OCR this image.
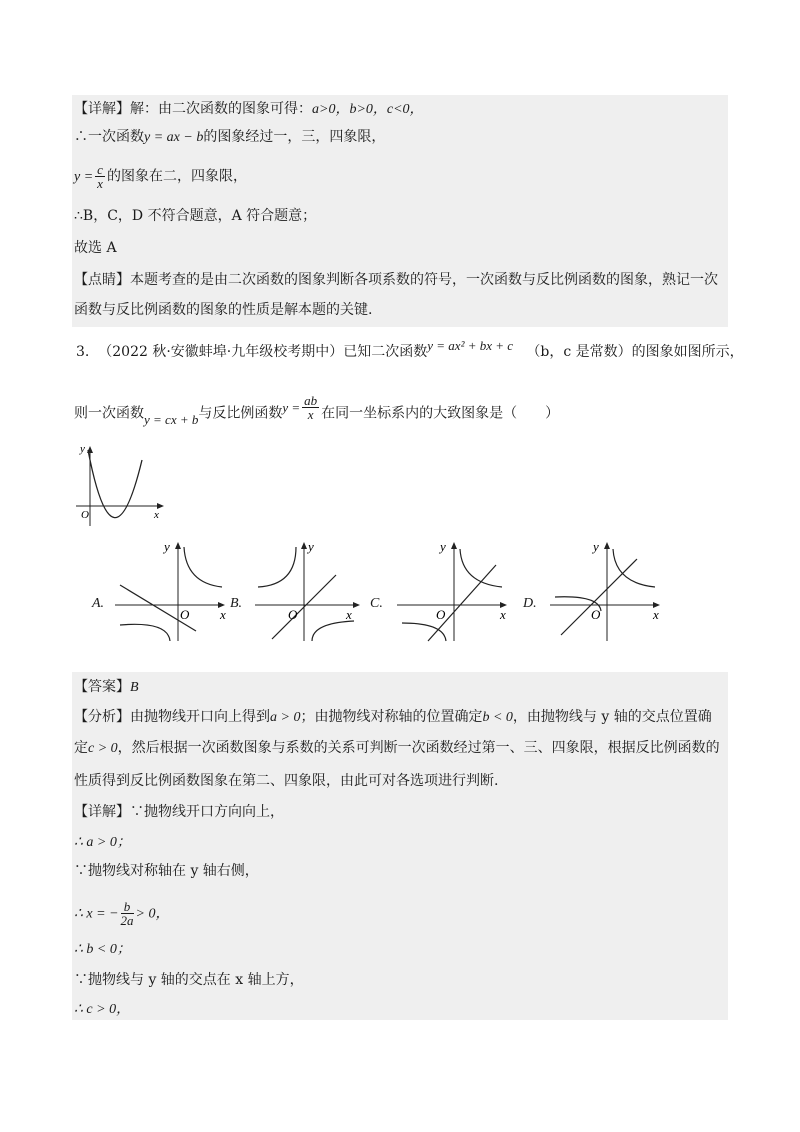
【详解】解：由二次函数的图象可得：a>0，b>0，c<0，
∴一次函数y = ax − b的图象经过一，三，四象限，
$y = \frac{c}{x}$ 的图象在二，四象限，
∴B，C，D 不符合题意，A 符合题意；
故选 A
【点睛】本题考查的是由二次函数的图象判断各项系数的符号，一次函数与反比例函数的图象，熟记一次
函数与反比例函数的图象的性质是解本题的关键.
3. （2022 秋·安徽蚌埠·九年级校考期中）已知二次函数y = ax² + bx + c （b，c 是常数）的图象如图所示，
则一次函数y = cx + b与反比例函数$y = \frac{ab}{x}$ 在同一坐标系内的大致图象是（　　）
y
O	x
A.
y
O x
B.
y
O	x
C.
y
O	x
D.
y
O	x
【答案】B
【分析】由抛物线开口向上得到a > 0；由抛物线对称轴的位置确定b < 0，由抛物线与 y 轴的交点位置确
定c > 0，然后根据一次函数图象与系数的关系可判断一次函数经过第一、三、四象限，根据反比例函数的
性质得到反比例函数图象在第二、四象限，由此可对各选项进行判断.
【详解】∵抛物线开口方向向上，
∴ a > 0；
∵抛物线对称轴在 y 轴右侧，
∴ x = − $\frac{b}{2a} > 0$，
∴ b < 0；
∵抛物线与 y 轴的交点在 x 轴上方，
∴ c > 0，
